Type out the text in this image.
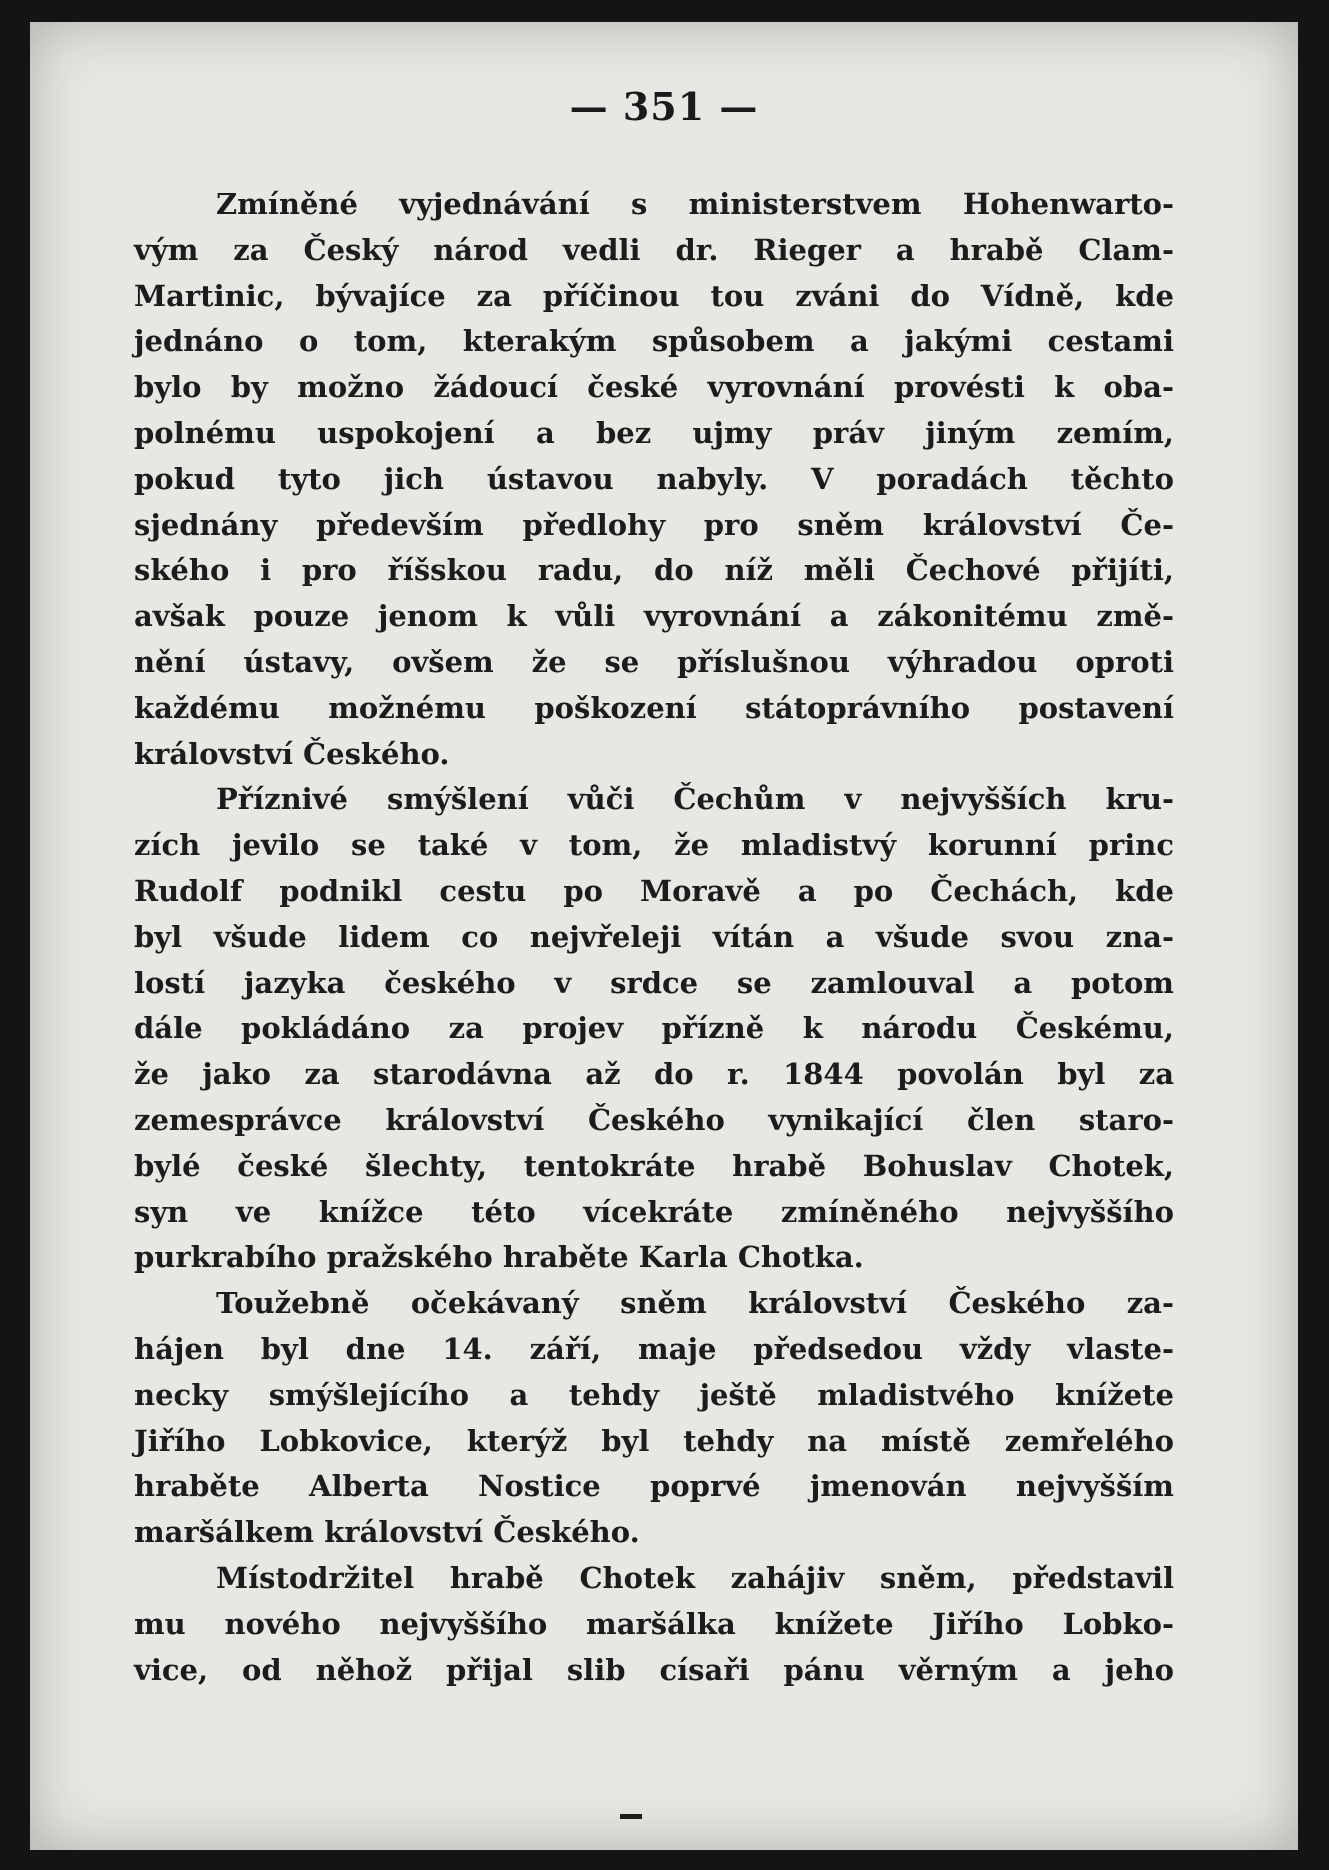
— 351 —

Zmíněné vyjednávání s ministerstvem Hohenwarto-
vým za Český národ vedli dr. Rieger a hrabě Clam-
Martinic, bývajíce za příčinou tou zváni do Vídně, kde
jednáno o tom, kterakým spůsobem a jakými cestami
bylo by možno žádoucí české vyrovnání provésti k oba-
polnému uspokojení a bez ujmy práv jiným zemím,
pokud tyto jich ústavou nabyly. V poradách těchto
sjednány především předlohy pro sněm království Če-
ského i pro říšskou radu, do níž měli Čechové přijíti,
avšak pouze jenom k vůli vyrovnání a zákonitému změ-
nění ústavy, ovšem že se příslušnou výhradou oproti
každému možnému poškození státoprávního postavení
království Českého.

Příznivé smýšlení vůči Čechům v nejvyšších kru-
zích jevilo se také v tom, že mladistvý korunní princ
Rudolf podnikl cestu po Moravě a po Čechách, kde
byl všude lidem co nejvřeleji vítán a všude svou zna-
lostí jazyka českého v srdce se zamlouval a potom
dále pokládáno za projev přízně k národu Českému,
že jako za starodávna až do r. 1844 povolán byl za
zemesprávce království Českého vynikající člen staro-
bylé české šlechty, tentokráte hrabě Bohuslav Chotek,
syn ve knížce této vícekráte zmíněného nejvyššího
purkrabího pražského hraběte Karla Chotka.

Toužebně očekávaný sněm království Českého za-
hájen byl dne 14. září, maje předsedou vždy vlaste-
necky smýšlejícího a tehdy ještě mladistvého knížete
Jiřího Lobkovice, kterýž byl tehdy na místě zemřelého
hraběte Alberta Nostice poprvé jmenován nejvyšším
maršálkem království Českého.

Místodržitel hrabě Chotek zahájiv sněm, představil
mu nového nejvyššího maršálka knížete Jiřího Lobko-
vice, od něhož přijal slib císaři pánu věrným a jeho
